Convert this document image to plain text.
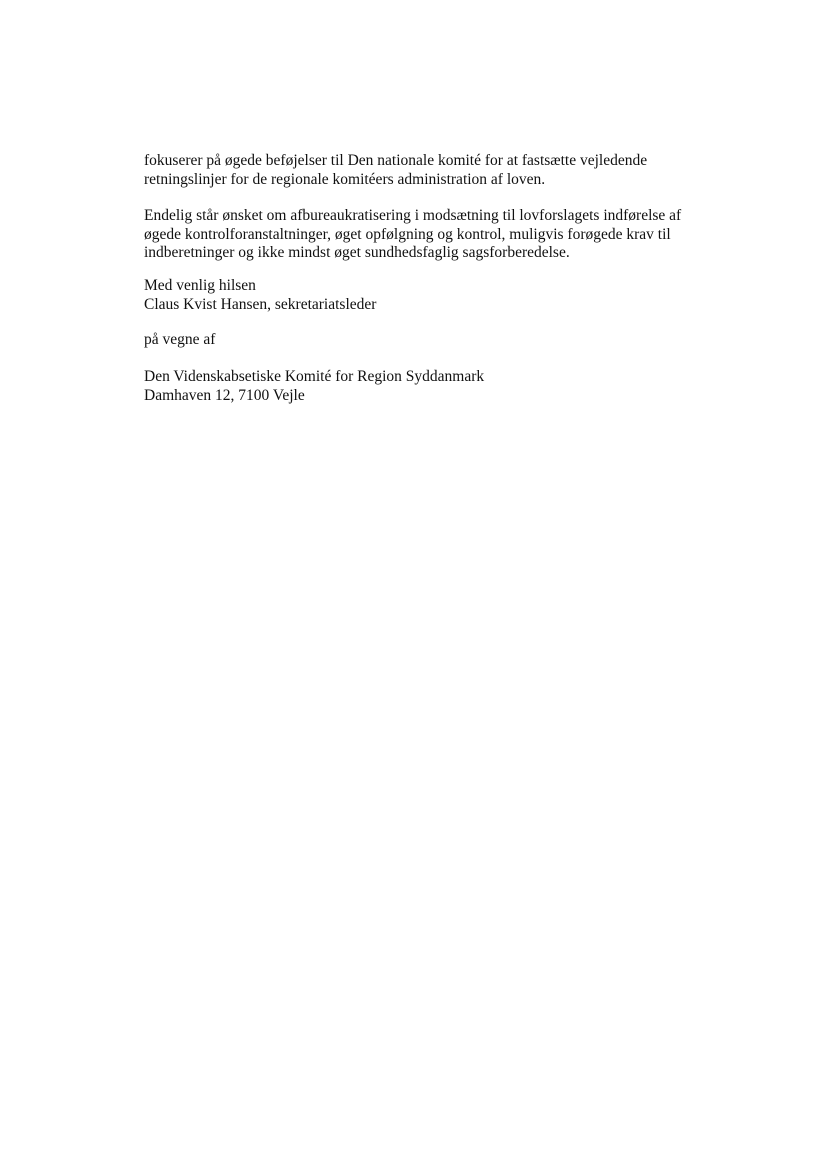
fokuserer på øgede beføjelser til Den nationale komité for at fastsætte vejledende
retningslinjer for de regionale komitéers administration af loven.
Endelig står ønsket om afbureaukratisering i modsætning til lovforslagets indførelse af
øgede kontrolforanstaltninger, øget opfølgning og kontrol, muligvis forøgede krav til
indberetninger og ikke mindst øget sundhedsfaglig sagsforberedelse.
Med venlig hilsen
Claus Kvist Hansen, sekretariatsleder
på vegne af
Den Videnskabsetiske Komité for Region Syddanmark
Damhaven 12, 7100 Vejle
